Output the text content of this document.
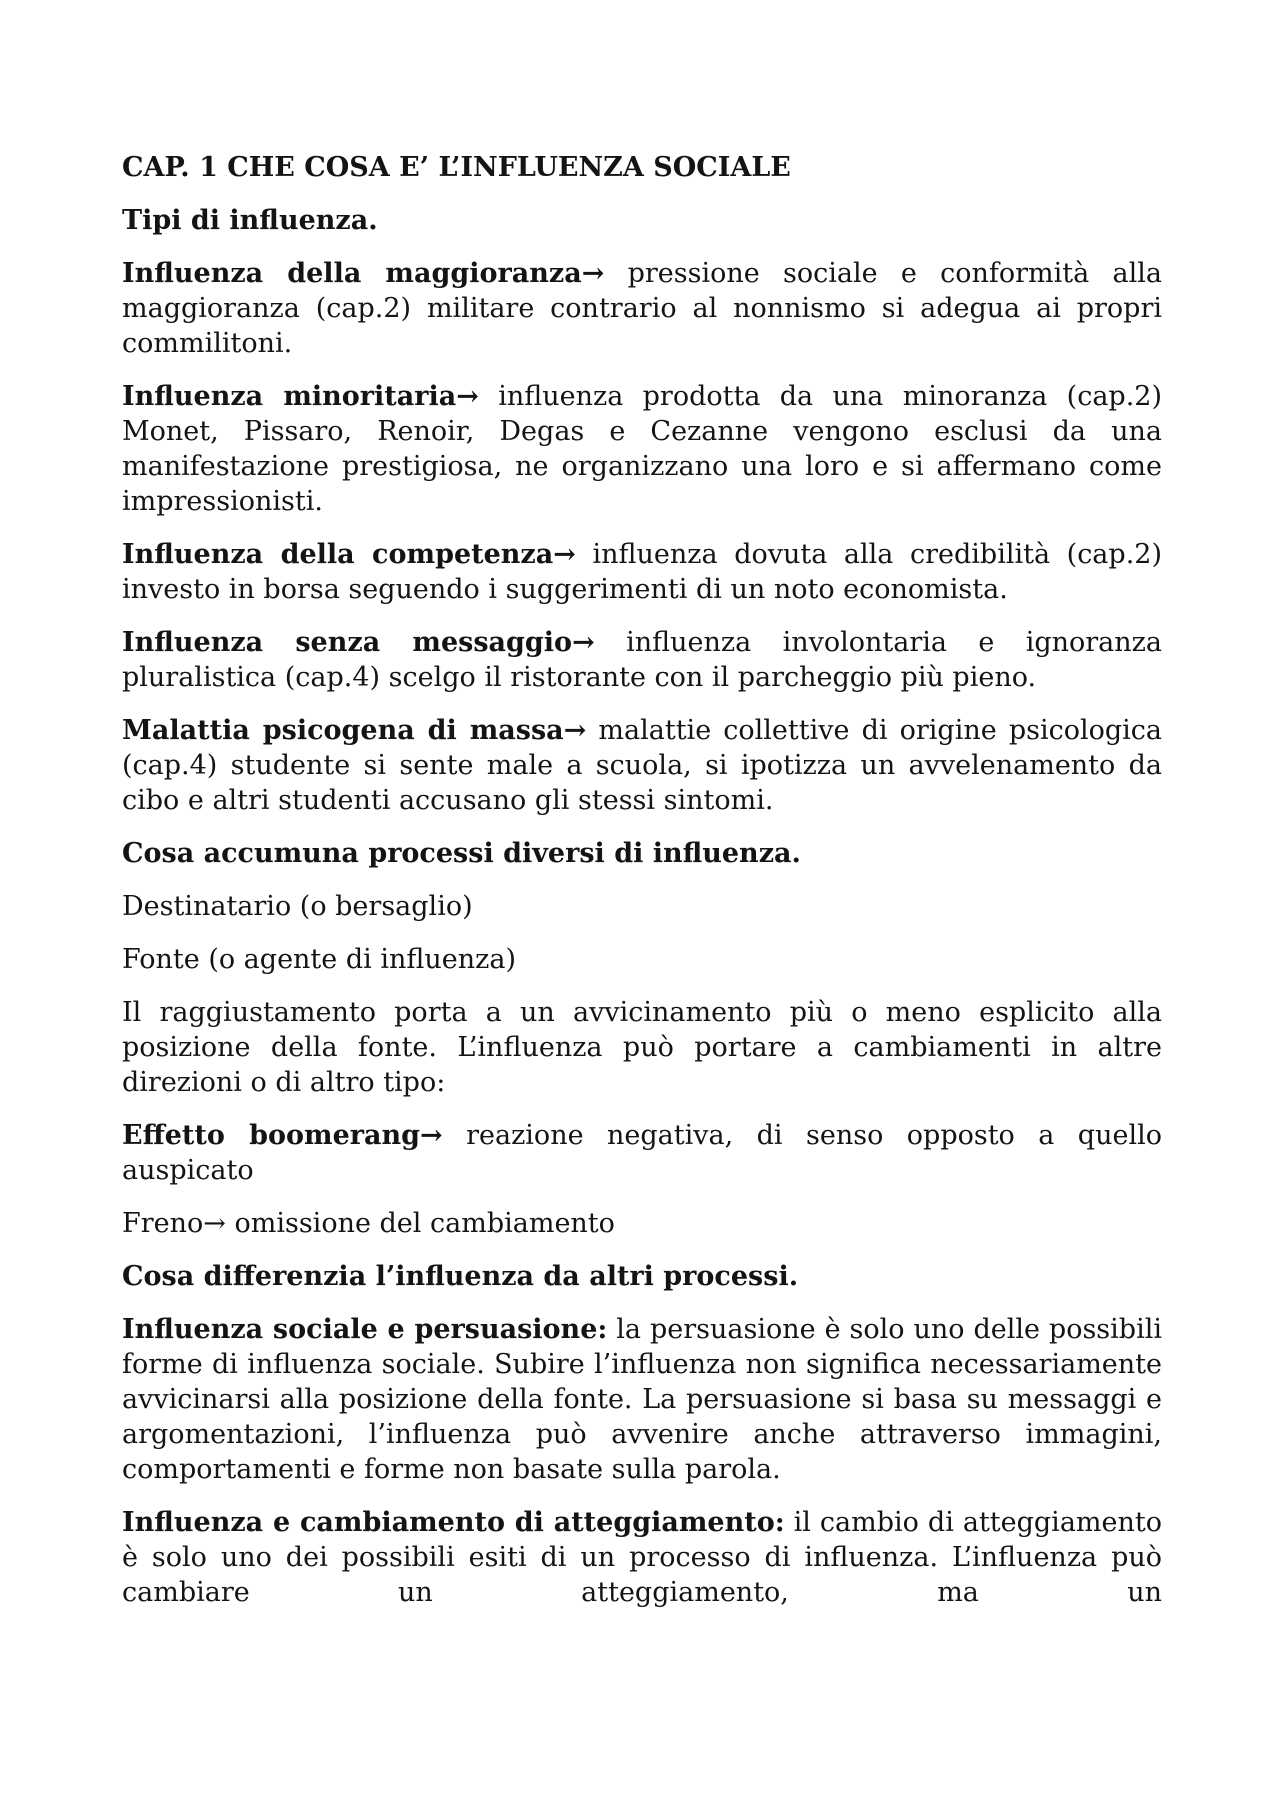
CAP. 1 CHE COSA E’ L’INFLUENZA SOCIALE

Tipi di influenza.

Influenza della maggioranza→ pressione sociale e conformità alla maggioranza (cap.2) militare contrario al nonnismo si adegua ai propri commilitoni.

Influenza minoritaria→ influenza prodotta da una minoranza (cap.2) Monet, Pissaro, Renoir, Degas e Cezanne vengono esclusi da una manifestazione prestigiosa, ne organizzano una loro e si affermano come impressionisti.

Influenza della competenza→ influenza dovuta alla credibilità (cap.2) investo in borsa seguendo i suggerimenti di un noto economista.

Influenza senza messaggio→ influenza involontaria e ignoranza pluralistica (cap.4) scelgo il ristorante con il parcheggio più pieno.

Malattia psicogena di massa→ malattie collettive di origine psicologica (cap.4) studente si sente male a scuola, si ipotizza un avvelenamento da cibo e altri studenti accusano gli stessi sintomi.

Cosa accumuna processi diversi di influenza.

Destinatario (o bersaglio)

Fonte (o agente di influenza)

Il raggiustamento porta a un avvicinamento più o meno esplicito alla posizione della fonte. L’influenza può portare a cambiamenti in altre direzioni o di altro tipo:

Effetto boomerang→ reazione negativa, di senso opposto a quello auspicato

Freno→ omissione del cambiamento

Cosa differenzia l’influenza da altri processi.

Influenza sociale e persuasione: la persuasione è solo uno delle possibili forme di influenza sociale. Subire l’influenza non significa necessariamente avvicinarsi alla posizione della fonte. La persuasione si basa su messaggi e argomentazioni, l’influenza può avvenire anche attraverso immagini, comportamenti e forme non basate sulla parola.

Influenza e cambiamento di atteggiamento: il cambio di atteggiamento è solo uno dei possibili esiti di un processo di influenza. L’influenza può cambiare un atteggiamento, ma un
